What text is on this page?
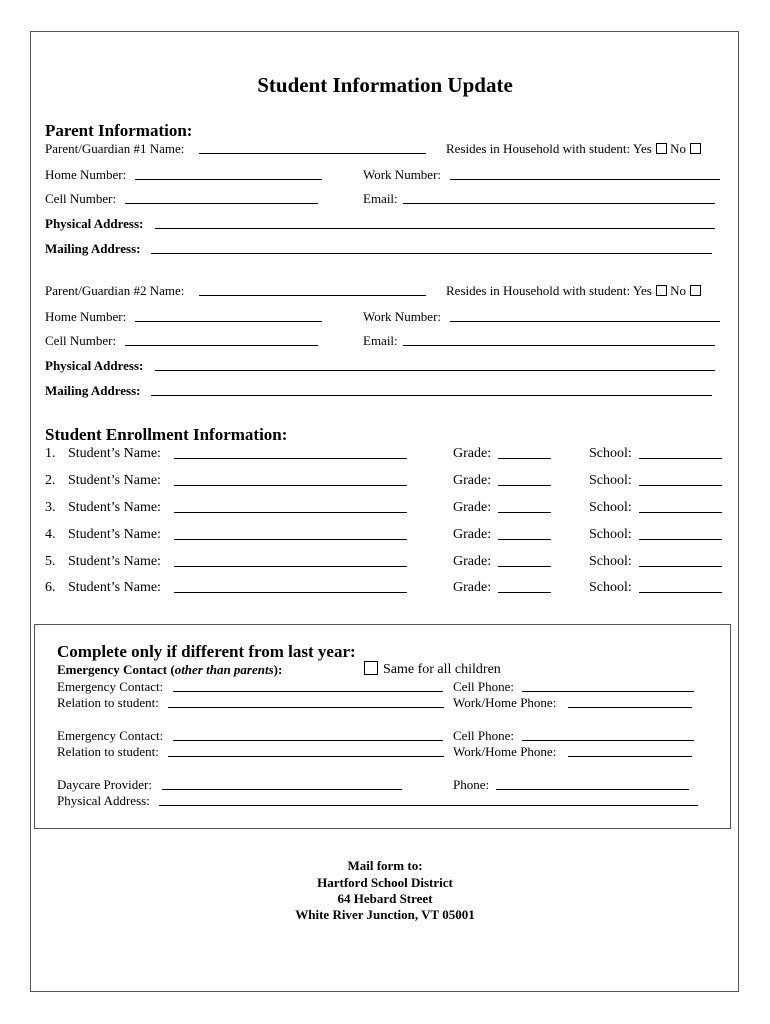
Student Information Update
Parent Information:
Parent/Guardian #1 Name:	Resides in Household with student: Yes No
Home Number:	Work Number:
Cell Number:	Email:
Physical Address:
Mailing Address:
Parent/Guardian #2 Name:	Resides in Household with student: Yes No
Home Number:	Work Number:
Cell Number:	Email:
Physical Address:
Mailing Address:
Student Enrollment Information:
1. Student’s Name:	Grade:	School:
2. Student’s Name:	Grade:	School:
3. Student’s Name:	Grade:	School:
4. Student’s Name:	Grade:	School:
5. Student’s Name:	Grade:	School:
6. Student’s Name:	Grade:	School:
Complete only if different from last year:
Emergency Contact (other than parents):	Same for all children
Emergency Contact:	Cell Phone:
Relation to student:	Work/Home Phone:
Emergency Contact:	Cell Phone:
Relation to student:	Work/Home Phone:
Daycare Provider:	Phone:
Physical Address:
Mail form to:
Hartford School District
64 Hebard Street
White River Junction, VT 05001
